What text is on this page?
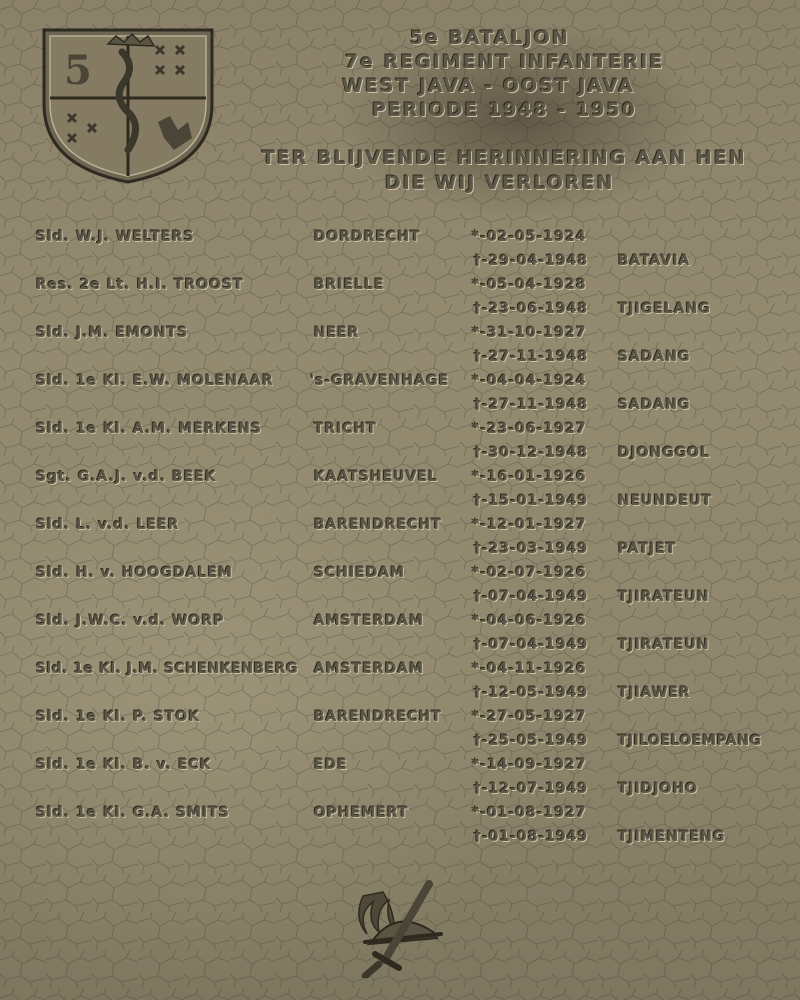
5
5e BATALJON
7e REGIMENT INFANTERIE
WEST JAVA - OOST JAVA
PERIODE 1948 - 1950
TER BLIJVENDE HERINNERING AAN HEN
DIE WIJ VERLOREN
Sld. W.J. WELTERS	DORDRECHT	*-02-05-1924
†-29-04-1948 BATAVIA
Res. 2e Lt. H.I. TROOST	BRIELLE	*-05-04-1928
†-23-06-1948 TJIGELANG
Sld. J.M. EMONTS	NEER	*-31-10-1927
†-27-11-1948 SADANG
Sld. 1e Kl. E.W. MOLENAAR	's-GRAVENHAGE *-04-04-1924
†-27-11-1948 SADANG
Sld. 1e Kl. A.M. MERKENS	TRICHT	*-23-06-1927
†-30-12-1948 DJONGGOL
Sgt. G.A.J. v.d. BEEK	KAATSHEUVEL *-16-01-1926
†-15-01-1949 NEUNDEUT
Sld. L. v.d. LEER	BARENDRECHT *-12-01-1927
†-23-03-1949 PATJET
Sld. H. v. HOOGDALEM	SCHIEDAM	*-02-07-1926
†-07-04-1949 TJIRATEUN
Sld. J.W.C. v.d. WORP	AMSTERDAM	*-04-06-1926
†-07-04-1949 TJIRATEUN
Sld. 1e Kl. J.M. SCHENKENBERG AMSTERDAM	*-04-11-1926
†-12-05-1949 TJIAWER
Sld. 1e Kl. P. STOK	BARENDRECHT *-27-05-1927
†-25-05-1949 TJILOELOEMPANG
Sld. 1e Kl. B. v. ECK	EDE	*-14-09-1927
†-12-07-1949 TJIDJOHO
Sld. 1e Kl. G.A. SMITS	OPHEMERT	*-01-08-1927
†-01-08-1949 TJIMENTENG
